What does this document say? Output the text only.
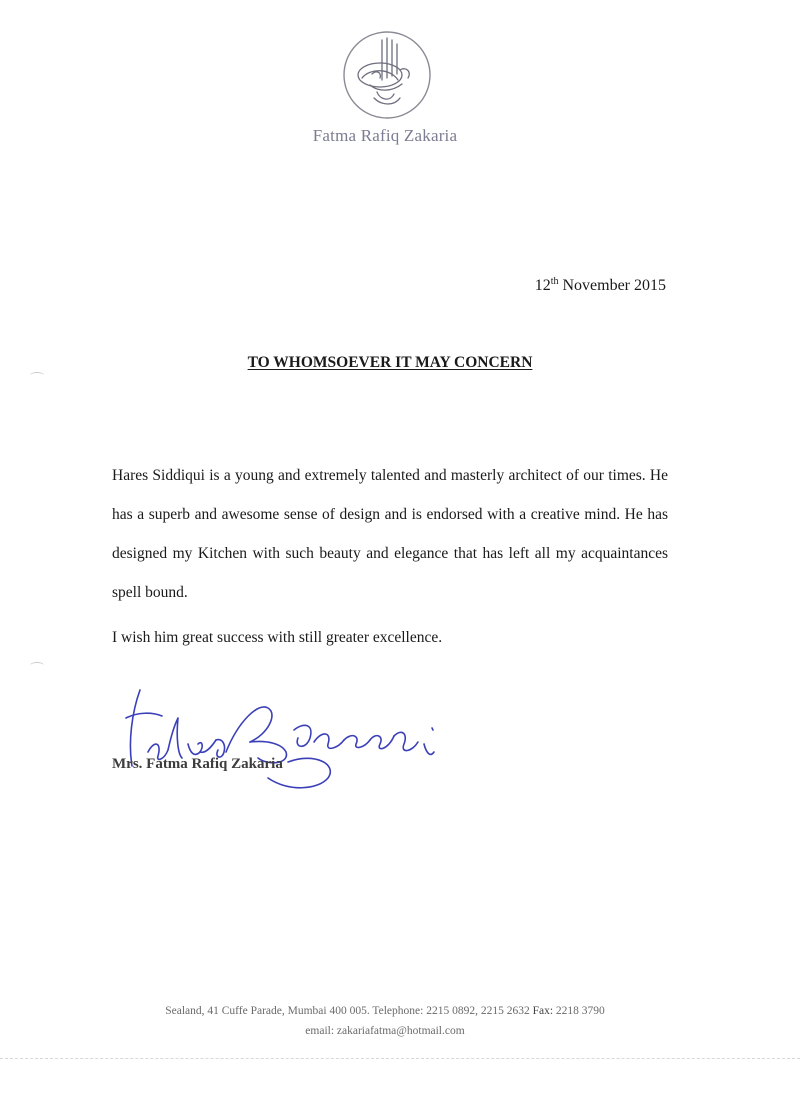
Fatma Rafiq Zakaria
12th November 2015
TO WHOMSOEVER IT MAY CONCERN

Hares Siddiqui is a young and extremely talented and masterly architect of our times. He has a superb and awesome sense of design and is endorsed with a creative mind. He has designed my Kitchen with such beauty and elegance that has left all my acquaintances spell bound.

I wish him great success with still greater excellence.

Mrs. Fatma Rafiq Zakaria
Sealand, 41 Cuffe Parade, Mumbai 400 005. Telephone: 2215 0892, 2215 2632 Fax: 2218 3790
email: zakariafatma@hotmail.com
